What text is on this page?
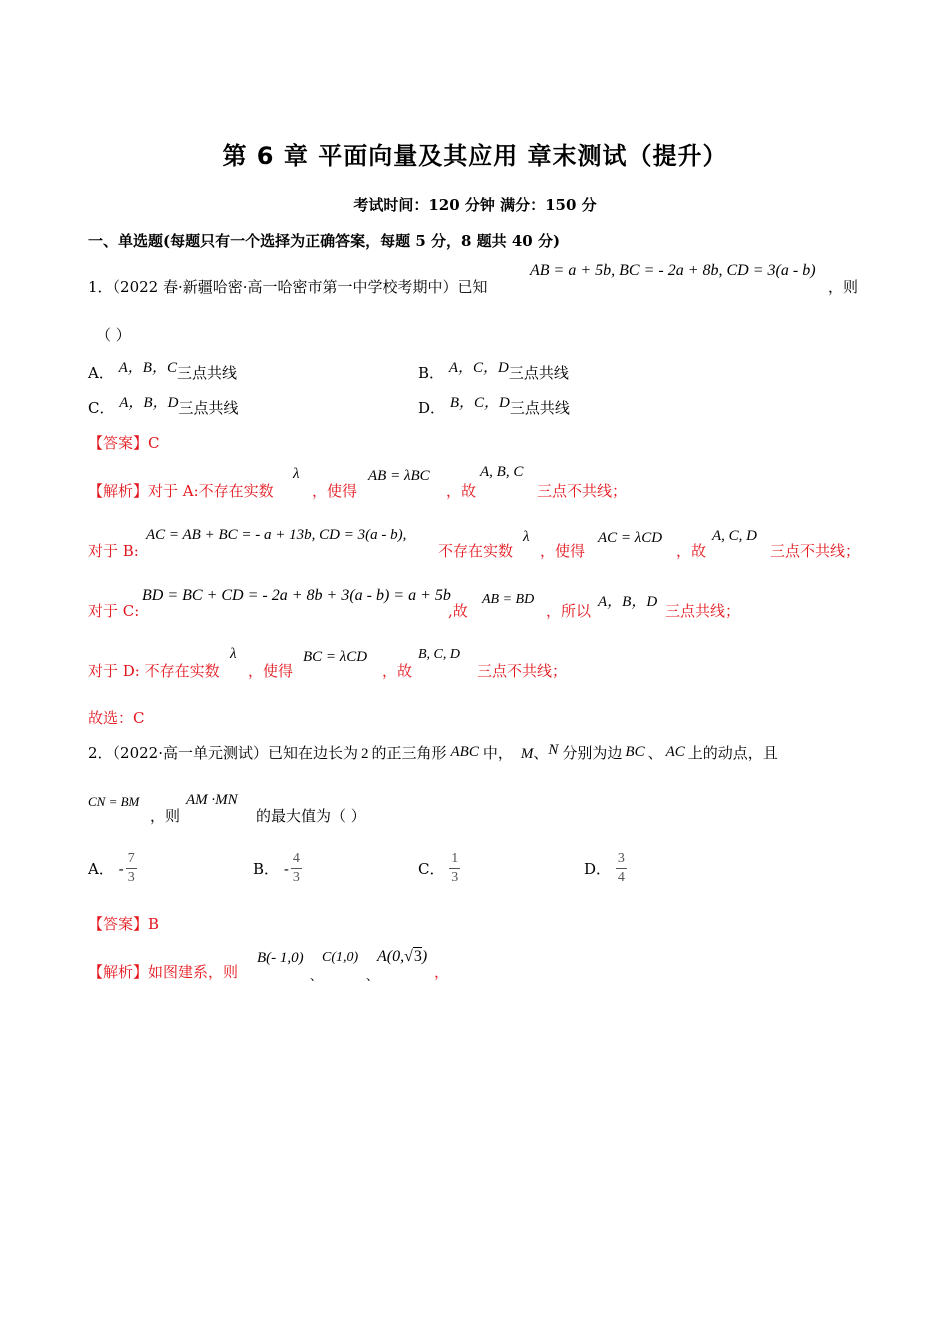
第 6 章 平面向量及其应用 章末测试（提升）
考试时间：120 分钟 满分：150 分
一、单选题(每题只有一个选择为正确答案，每题 5 分，8 题共 40 分)
1．（2022 春·新疆哈密·高一哈密市第一中学校考期中）已知
AB = a + 5b, BC = - 2a + 8b, CD = 3(a - b)
，则
（ ）
A． A，B，C三点共线	B． A，C，D三点共线
C． A，B，D三点共线	D． B，C，D三点共线
【答案】C
【解析】对于 A:不存在实数
λ
，使得
AB = λBC
，故
A, B, C
三点不共线；
对于 B:
AC = AB + BC = - a + 13b, CD = 3(a - b),
不存在实数
λ
，使得
AC = λCD
，故
A, C, D
三点不共线；
对于 C:
BD = BC + CD = - 2a + 8b + 3(a - b) = a + 5b
,故
AB = BD
，所以 A，B，D 三点共线；
对于 D: 不存在实数
λ
，使得
BC = λCD
，故
B, C, D
三点不共线；
故选：C
2．（2022·高一单元测试）已知在边长为 2 的正三角形 ABC 中， M、N 分别为边 BC 、 AC 上的动点，且
CN = BM
，则
AM ·MN
的最大值为（ ）
A． - $\frac{7}{3}$	B． - $\frac{4}{3}$	C． $\frac{1}{3}$	D． $\frac{3}{4}$
【答案】B
【解析】如图建系，则
B(- 1,0)
、
C(1,0)
、
A(0,√3)
，
